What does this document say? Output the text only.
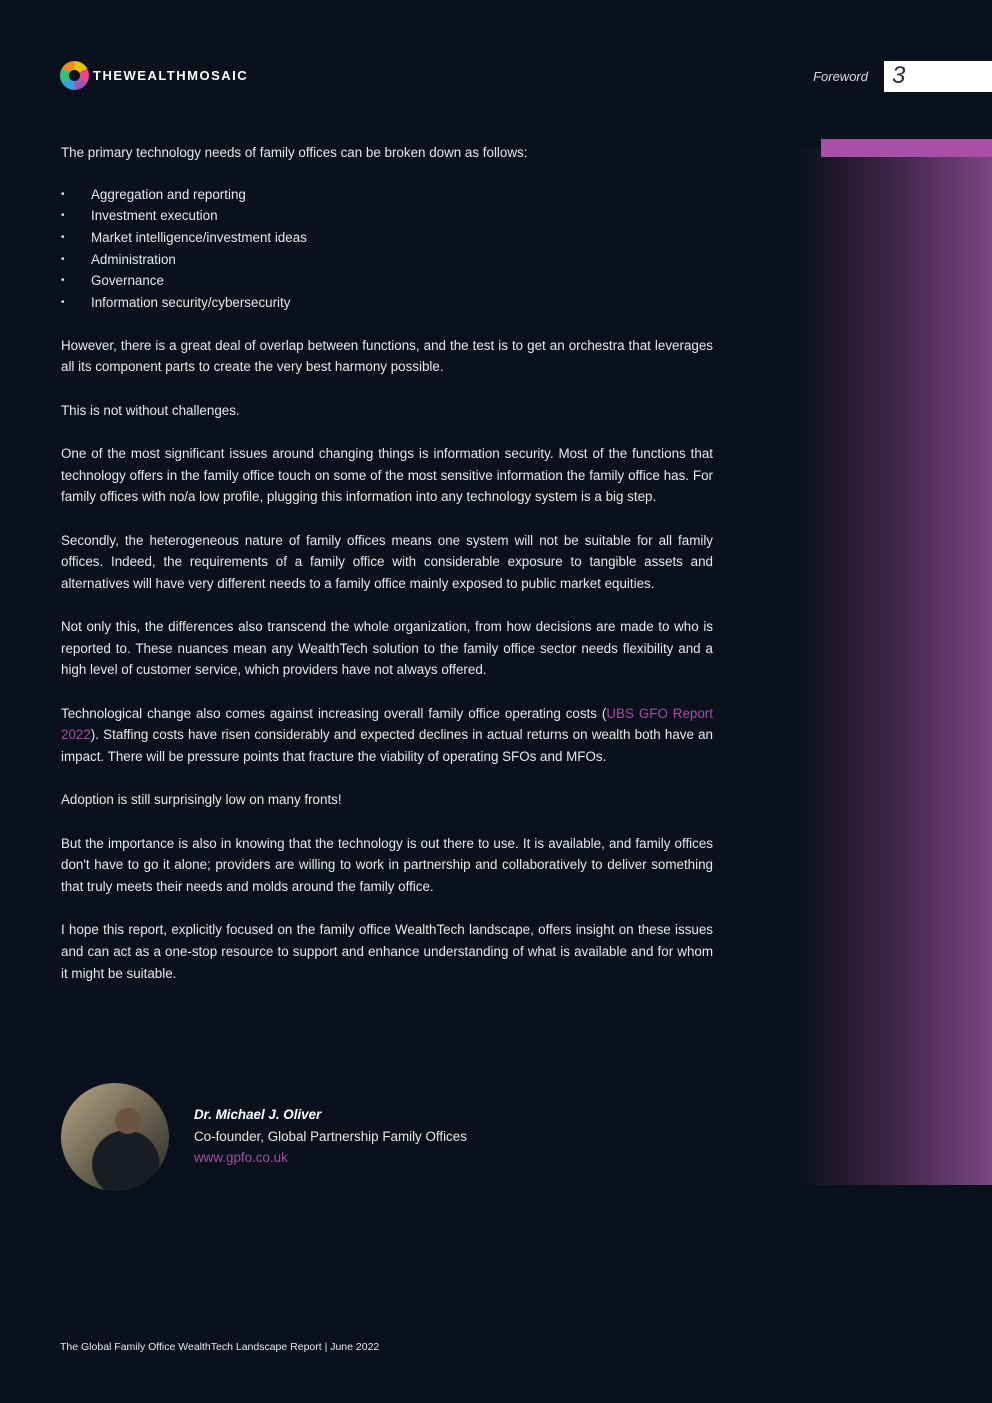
THEWEALTHMOSAIC	Foreword 3

The primary technology needs of family offices can be broken down as follows:

• Aggregation and reporting
• Investment execution
• Market intelligence/investment ideas
• Administration
• Governance
• Information security/cybersecurity

However, there is a great deal of overlap between functions, and the test is to get an orchestra that leverages all its component parts to create the very best harmony possible.

This is not without challenges.

One of the most significant issues around changing things is information security. Most of the functions that technology offers in the family office touch on some of the most sensitive information the family office has. For family offices with no/a low profile, plugging this information into any technology system is a big step.

Secondly, the heterogeneous nature of family offices means one system will not be suitable for all family offices. Indeed, the requirements of a family office with considerable exposure to tangible assets and alternatives will have very different needs to a family office mainly exposed to public market equities.

Not only this, the differences also transcend the whole organization, from how decisions are made to who is reported to. These nuances mean any WealthTech solution to the family office sector needs flexibility and a high level of customer service, which providers have not always offered.

Technological change also comes against increasing overall family office operating costs (UBS GFO Report 2022). Staffing costs have risen considerably and expected declines in actual returns on wealth both have an impact. There will be pressure points that fracture the viability of operating SFOs and MFOs.

Adoption is still surprisingly low on many fronts!

But the importance is also in knowing that the technology is out there to use. It is available, and family offices don't have to go it alone; providers are willing to work in partnership and collaboratively to deliver something that truly meets their needs and molds around the family office.

I hope this report, explicitly focused on the family office WealthTech landscape, offers insight on these issues and can act as a one-stop resource to support and enhance understanding of what is available and for whom it might be suitable.

Dr. Michael J. Oliver
Co-founder, Global Partnership Family Offices
www.gpfo.co.uk
The Global Family Office WealthTech Landscape Report | June 2022
